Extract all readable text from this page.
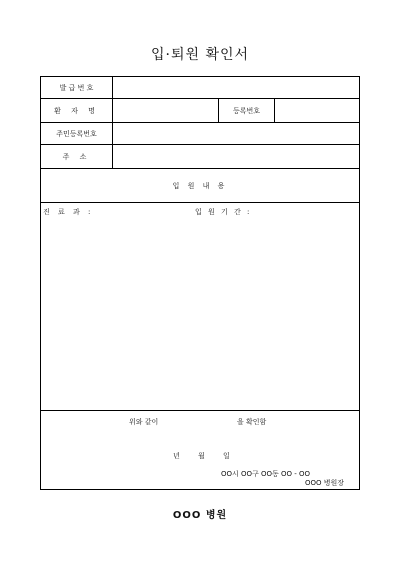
입·퇴원 확인서
발 급 번 호
환 자 명	등록번호
주민등록번호
주 소
입 원 내 용
진 료 과 :	입 원 기 간 :
위와 같이	을 확인함
년 월 일
OO시 OO구 OO동 OO - OO
OOO 병원장
OOO 병원
